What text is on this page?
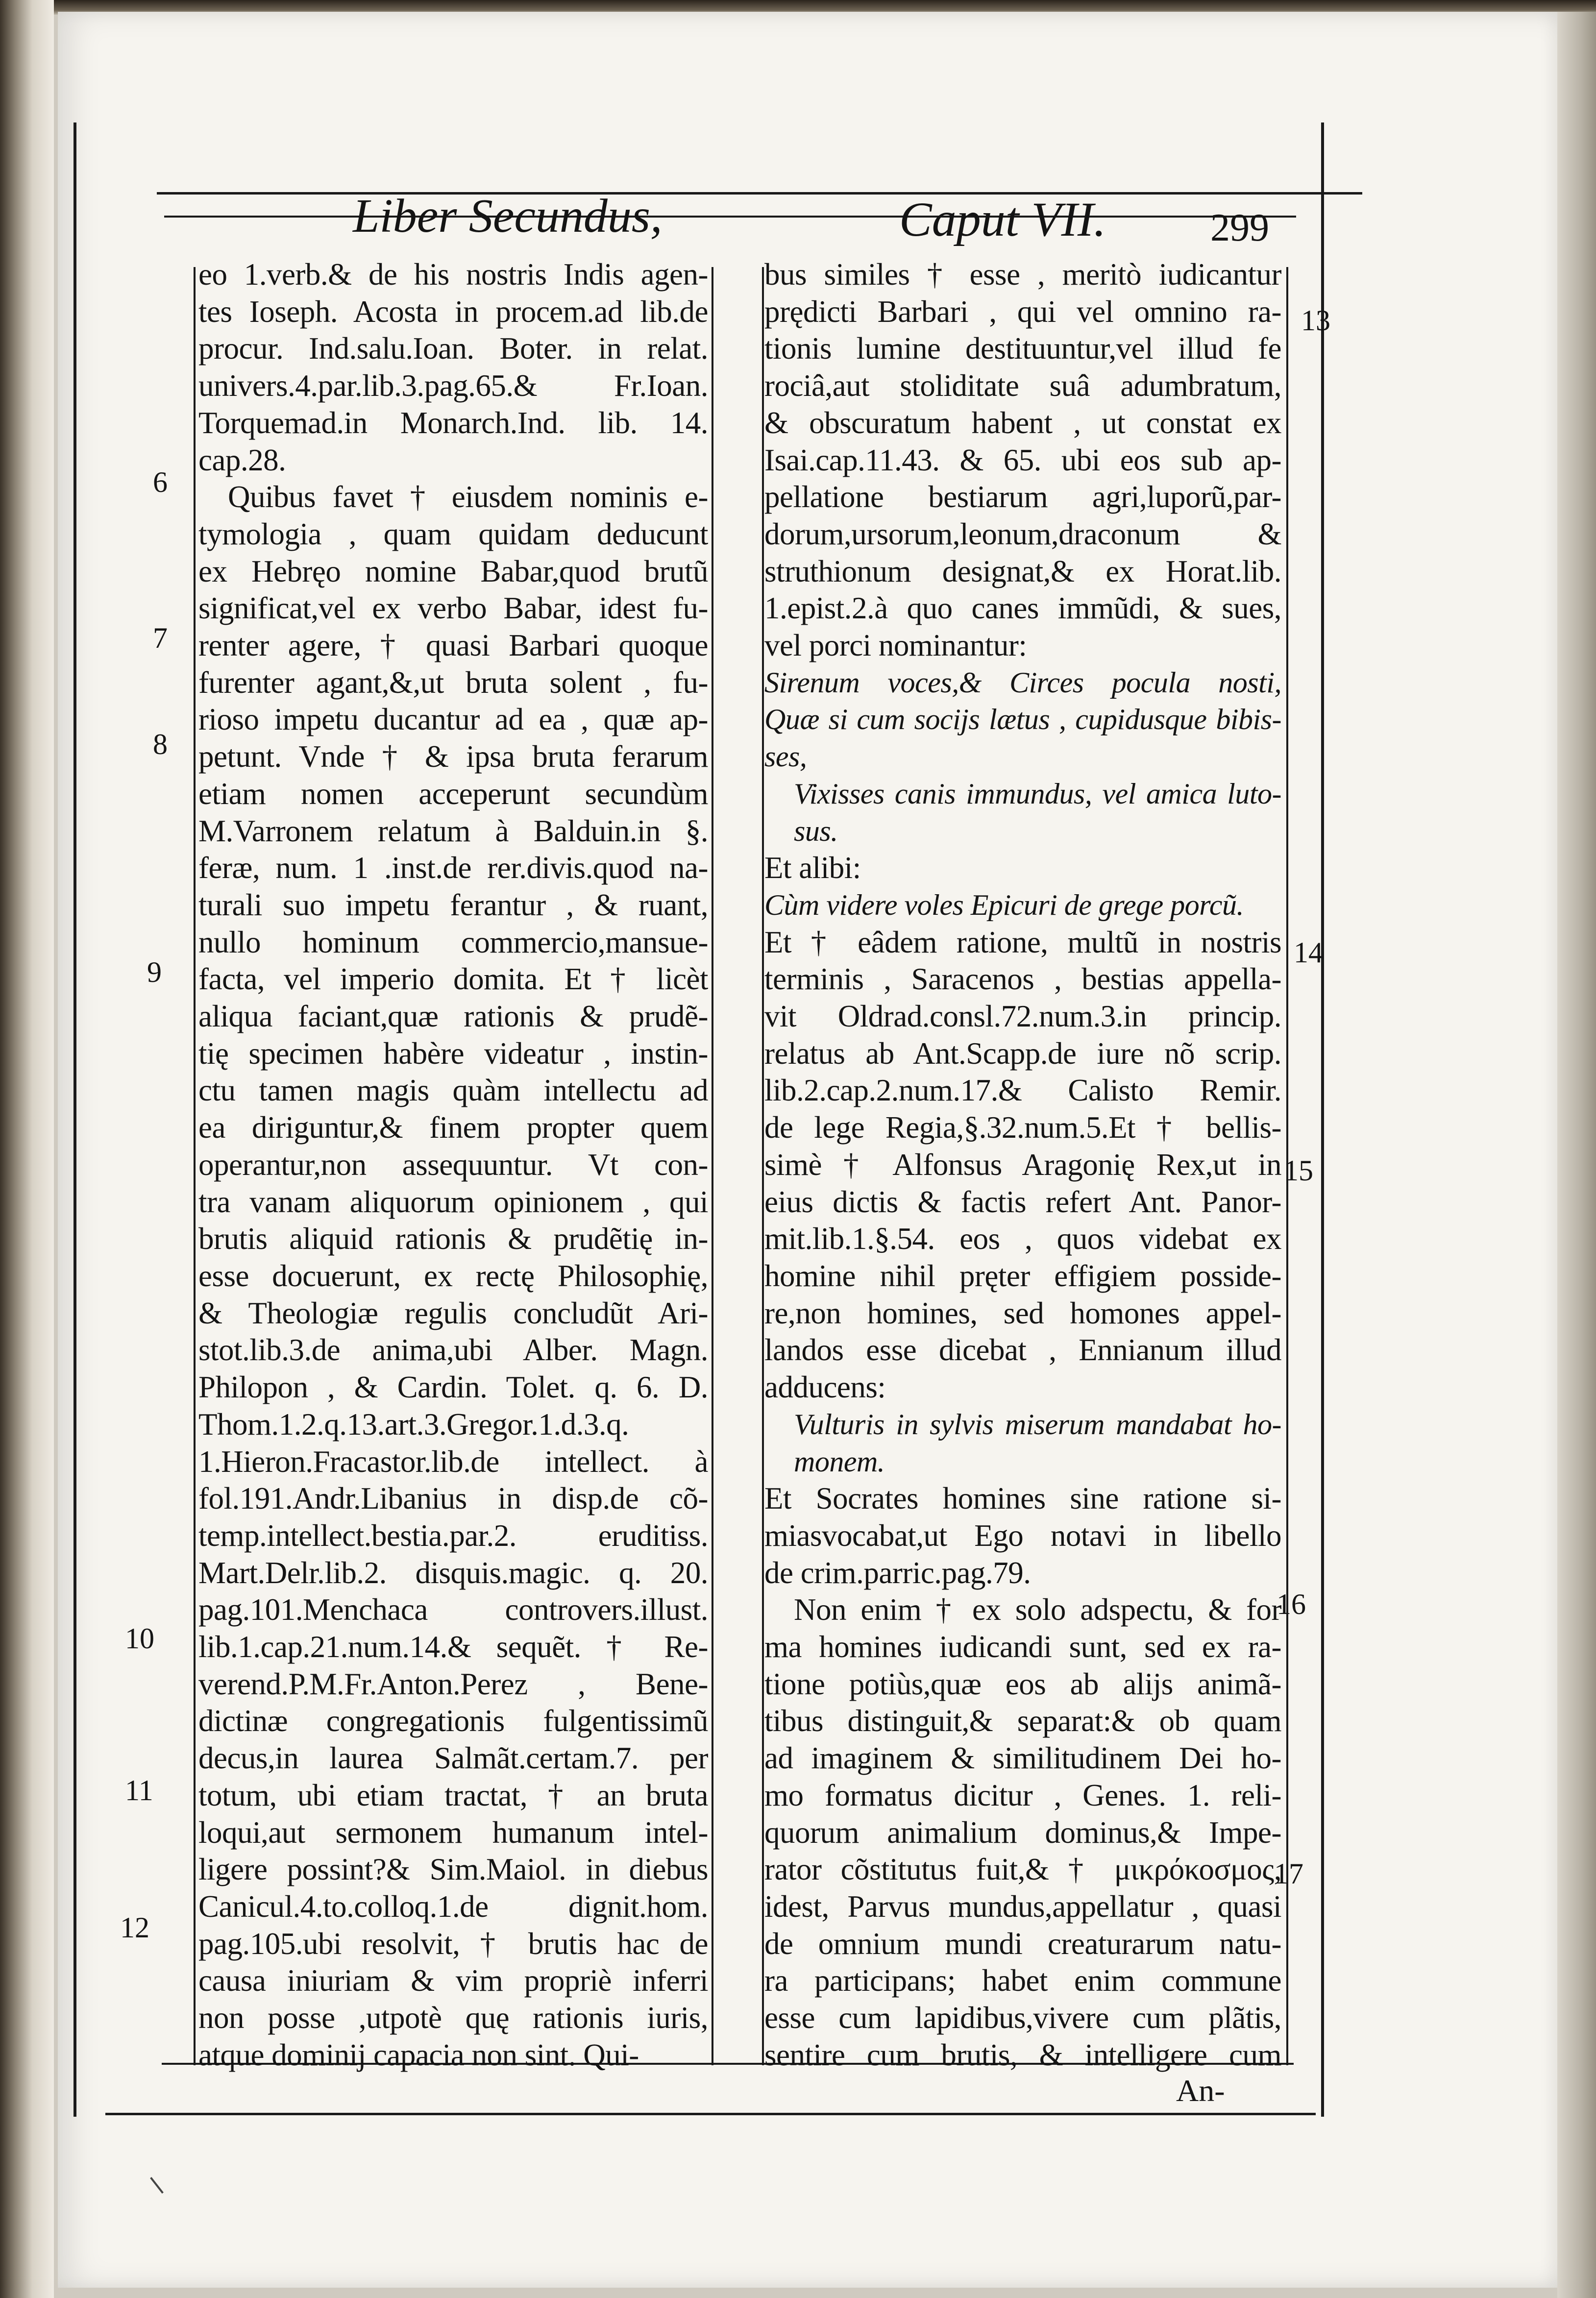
Liber Secundus,	Caput VII.	299
eo 1.verb.& de his nostris Indis agen-
tes Ioseph. Acosta in procem.ad lib.de
procur. Ind.salu.Ioan. Boter. in relat.
univers.4.par.lib.3.pag.65.& Fr.Ioan.
Torquemad.in Monarch.Ind. lib. 14.
cap.28.
Quibus favet † eiusdem nominis e-
tymologia , quam quidam deducunt
ex Hebręo nomine Babar,quod brutũ
significat,vel ex verbo Babar, idest fu-
renter agere, † quasi Barbari quoque
furenter agant,&,ut bruta solent , fu-
rioso impetu ducantur ad ea , quæ ap-
petunt. Vnde † & ipsa bruta ferarum
etiam nomen acceperunt secundùm
M.Varronem relatum à Balduin.in §.
feræ, num. 1 .inst.de rer.divis.quod na-
turali suo impetu ferantur , & ruant,
nullo hominum commercio,mansue-
facta, vel imperio domita. Et † licèt
aliqua faciant,quæ rationis & prudẽ-
tię specimen habère videatur , instin-
ctu tamen magis quàm intellectu ad
ea diriguntur,& finem propter quem
operantur,non assequuntur. Vt con-
tra vanam aliquorum opinionem , qui
brutis aliquid rationis & prudẽtię in-
esse docuerunt, ex rectę Philosophię,
& Theologiæ regulis concludũt Ari-
stot.lib.3.de anima,ubi Alber. Magn.
Philopon , & Cardin. Tolet. q. 6. D.
Thom.1.2.q.13.art.3.Gregor.1.d.3.q.
1.Hieron.Fracastor.lib.de intellect. à
fol.191.Andr.Libanius in disp.de cõ-
temp.intellect.bestia.par.2. eruditiss.
Mart.Delr.lib.2. disquis.magic. q. 20.
pag.101.Menchaca controvers.illust.
lib.1.cap.21.num.14.& sequẽt. † Re-
verend.P.M.Fr.Anton.Perez , Bene-
dictinæ congregationis fulgentissimũ
decus,in laurea Salmãt.certam.7. per
totum, ubi etiam tractat, † an bruta
loqui,aut sermonem humanum intel-
ligere possint?& Sim.Maiol. in diebus
Canicul.4.to.colloq.1.de dignit.hom.
pag.105.ubi resolvit, † brutis hac de
causa iniuriam & vim propriè inferri
non posse ,utpotè quę rationis iuris,
atque dominij capacia non sint. Qui-
bus similes † esse , meritò iudicantur
prędicti Barbari , qui vel omnino ra-
tionis lumine destituuntur,vel illud fe
rociâ,aut stoliditate suâ adumbratum,
& obscuratum habent , ut constat ex
Isai.cap.11.43. & 65. ubi eos sub ap-
pellatione bestiarum agri,luporũ,par-
dorum,ursorum,leonum,draconum &
struthionum designat,& ex Horat.lib.
1.epist.2.à quo canes immũdi, & sues,
vel porci nominantur:
Sirenum voces,& Circes pocula nosti,
Quæ si cum socijs lætus , cupidusque bibis-
ses,
Vixisses canis immundus, vel amica luto-
sus.
Et alibi:
Cùm videre voles Epicuri de grege porcũ.
Et † eâdem ratione, multũ in nostris
terminis , Saracenos , bestias appella-
vit Oldrad.consl.72.num.3.in princip.
relatus ab Ant.Scapp.de iure nõ scrip.
lib.2.cap.2.num.17.& Calisto Remir.
de lege Regia,§.32.num.5.Et † bellis-
simè † Alfonsus Aragonię Rex,ut in
eius dictis & factis refert Ant. Panor-
mit.lib.1.§.54. eos , quos videbat ex
homine nihil pręter effigiem posside-
re,non homines, sed homones appel-
landos esse dicebat , Ennianum illud
adducens:
Vulturis in sylvis miserum mandabat ho-
monem.
Et Socrates homines sine ratione si-
miasvocabat,ut Ego notavi in libello
de crim.parric.pag.79.
Non enim † ex solo adspectu, & for
ma homines iudicandi sunt, sed ex ra-
tione potiùs,quæ eos ab alijs animã-
tibus distinguit,& separat:& ob quam
ad imaginem & similitudinem Dei ho-
mo formatus dicitur , Genes. 1. reli-
quorum animalium dominus,& Impe-
rator cõstitutus fuit,& † μικρόκοσμος,
idest, Parvus mundus,appellatur , quasi
de omnium mundi creaturarum natu-
ra participans; habet enim commune
esse cum lapidibus,vivere cum plãtis,
sentire cum brutis, & intelligere cum
6
7
8
9
10
11
12
13
14
15
16
17
An-
